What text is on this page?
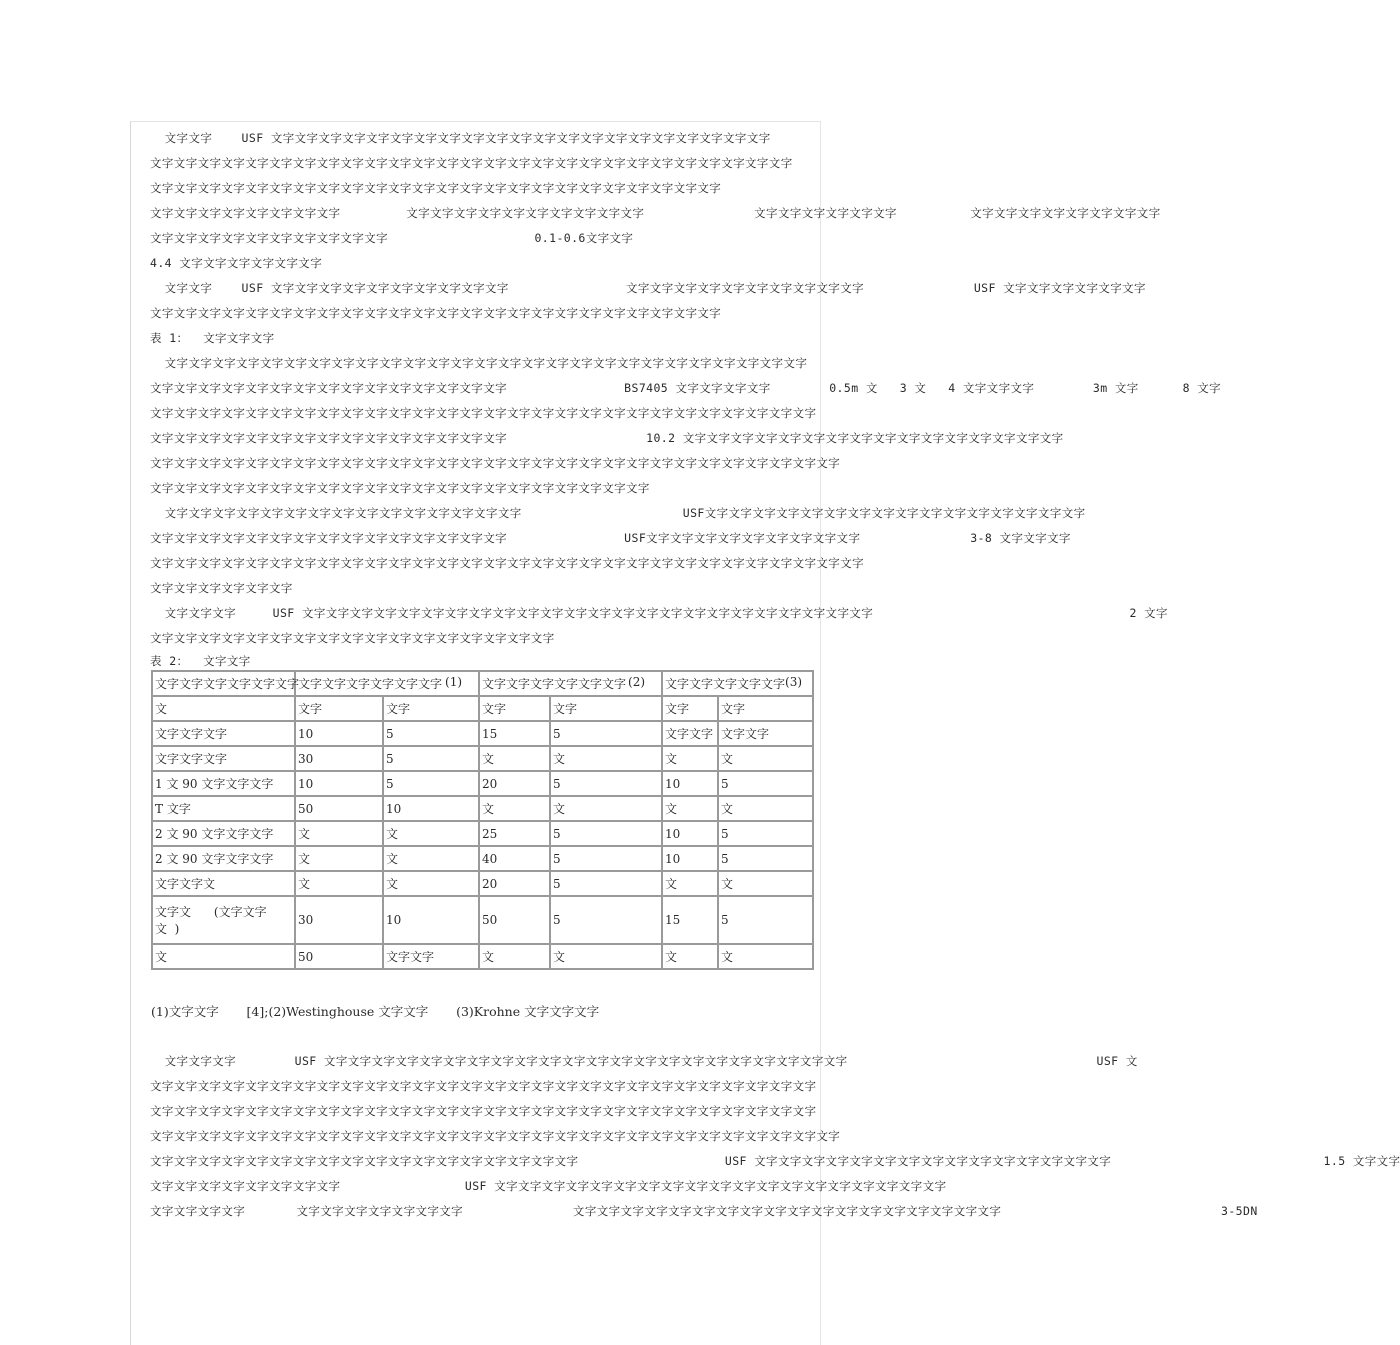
文字文字    USF 文字文字文字文字文字文字文字文字文字文字文字文字文字文字文字文字文字文字文字文字文字
文字文字文字文字文字文字文字文字文字文字文字文字文字文字文字文字文字文字文字文字文字文字文字文字文字文字文字
文字文字文字文字文字文字文字文字文字文字文字文字文字文字文字文字文字文字文字文字文字文字文字文字
文字文字文字文字文字文字文字文字         文字文字文字文字文字文字文字文字文字文字               文字文字文字文字文字文字          文字文字文字文字文字文字文字文字
文字文字文字文字文字文字文字文字文字文字                    0.1-0.6文字文字
4.4 文字文字文字文字文字文字
文字文字    USF 文字文字文字文字文字文字文字文字文字文字                文字文字文字文字文字文字文字文字文字文字               USF 文字文字文字文字文字文字
文字文字文字文字文字文字文字文字文字文字文字文字文字文字文字文字文字文字文字文字文字文字文字文字
表 1：  文字文字文字
文字文字文字文字文字文字文字文字文字文字文字文字文字文字文字文字文字文字文字文字文字文字文字文字文字文字文字
文字文字文字文字文字文字文字文字文字文字文字文字文字文字文字                BS7405 文字文字文字文字        0.5m 文   3 文   4 文字文字文字        3m 文字      8 文字
文字文字文字文字文字文字文字文字文字文字文字文字文字文字文字文字文字文字文字文字文字文字文字文字文字文字文字文字
文字文字文字文字文字文字文字文字文字文字文字文字文字文字文字                   10.2 文字文字文字文字文字文字文字文字文字文字文字文字文字文字文字文字
文字文字文字文字文字文字文字文字文字文字文字文字文字文字文字文字文字文字文字文字文字文字文字文字文字文字文字文字文字
文字文字文字文字文字文字文字文字文字文字文字文字文字文字文字文字文字文字文字文字文字
文字文字文字文字文字文字文字文字文字文字文字文字文字文字文字                      USF文字文字文字文字文字文字文字文字文字文字文字文字文字文字文字文字
文字文字文字文字文字文字文字文字文字文字文字文字文字文字文字                USF文字文字文字文字文字文字文字文字文字               3-8 文字文字文字
文字文字文字文字文字文字文字文字文字文字文字文字文字文字文字文字文字文字文字文字文字文字文字文字文字文字文字文字文字文字
文字文字文字文字文字文字
文字文字文字     USF 文字文字文字文字文字文字文字文字文字文字文字文字文字文字文字文字文字文字文字文字文字文字文字文字                                   2 文字
文字文字文字文字文字文字文字文字文字文字文字文字文字文字文字文字文字
表 2：  文字文字
文字文字文字文字文字文字	文字文字文字文字文字文字 (1)		文字文字文字文字文字文字 (2)		文字文字文字文字文字 (3)	

文	文字	文字	文字	文字	文字	文字
文字文字文字	10	5	15	5	文字文字	文字文字
文字文字文字	30	5	文	文	文	文
1 文 90 文字文字文字	10	5	20	5	10	5
T 文字	50	10	文	文	文	文
2 文 90 文字文字文字	文	文	25	5	10	5
2 文 90 文字文字文字	文	文	40	5	10	5
文字文字文	文	文	20	5	文	文
文字文      (文字文字
文  )	30	10	50	5	15	5
文	50	文字文字	文	文	文	文
(1)文字文字       [4];(2)Westinghouse 文字文字       (3)Krohne 文字文字文字
文字文字文字        USF 文字文字文字文字文字文字文字文字文字文字文字文字文字文字文字文字文字文字文字文字文字文字                                  USF 文
文字文字文字文字文字文字文字文字文字文字文字文字文字文字文字文字文字文字文字文字文字文字文字文字文字文字文字文字
文字文字文字文字文字文字文字文字文字文字文字文字文字文字文字文字文字文字文字文字文字文字文字文字文字文字文字文字
文字文字文字文字文字文字文字文字文字文字文字文字文字文字文字文字文字文字文字文字文字文字文字文字文字文字文字文字文字
文字文字文字文字文字文字文字文字文字文字文字文字文字文字文字文字文字文字                    USF 文字文字文字文字文字文字文字文字文字文字文字文字文字文字文字                             1.5 文字文字
文字文字文字文字文字文字文字文字                 USF 文字文字文字文字文字文字文字文字文字文字文字文字文字文字文字文字文字文字文字
文字文字文字文字       文字文字文字文字文字文字文字               文字文字文字文字文字文字文字文字文字文字文字文字文字文字文字文字文字文字                              3-5DN
